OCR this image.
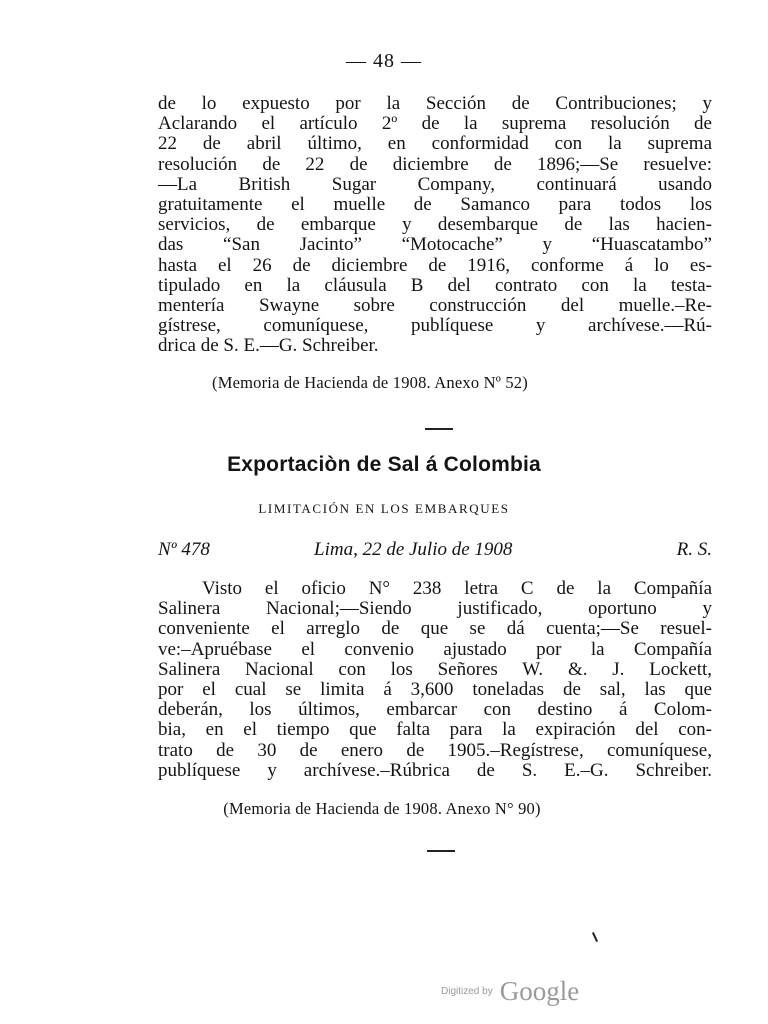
— 48 —
de lo expuesto por la Sección de Contribuciones; y
Aclarando el artículo 2º de la suprema resolución de
22 de abril último, en conformidad con la suprema
resolución de 22 de diciembre de 1896;—Se resuelve:
—La British Sugar Company, continuará usando
gratuitamente el muelle de Samanco para todos los
servicios, de embarque y desembarque de las hacien-
das “San Jacinto” “Motocache” y “Huascatambo”
hasta el 26 de diciembre de 1916, conforme á lo es-
tipulado en la cláusula B del contrato con la testa-
mentería Swayne sobre construcción del muelle.–Re-
gístrese, comuníquese, publíquese y archívese.—Rú-
drica de S. E.—G. Schreiber.
(Memoria de Hacienda de 1908. Anexo Nº 52)
Exportaciòn de Sal á Colombia
LIMITACIÓN EN LOS EMBARQUES
Nº 478	Lima, 22 de Julio de 1908	R. S.
Visto el oficio N° 238 letra C de la Compañía
Salinera Nacional;—Siendo justificado, oportuno y
conveniente el arreglo de que se dá cuenta;—Se resuel-
ve:–Apruébase el convenio ajustado por la Compañía
Salinera Nacional con los Señores W. &. J. Lockett,
por el cual se limita á 3,600 toneladas de sal, las que
deberán, los últimos, embarcar con destino á Colom-
bia, en el tiempo que falta para la expiración del con-
trato de 30 de enero de 1905.–Regístrese, comuníquese,
publíquese y archívese.–Rúbrica de S. E.–G. Schreiber.
(Memoria de Hacienda de 1908. Anexo N° 90)
Digitized by Google
